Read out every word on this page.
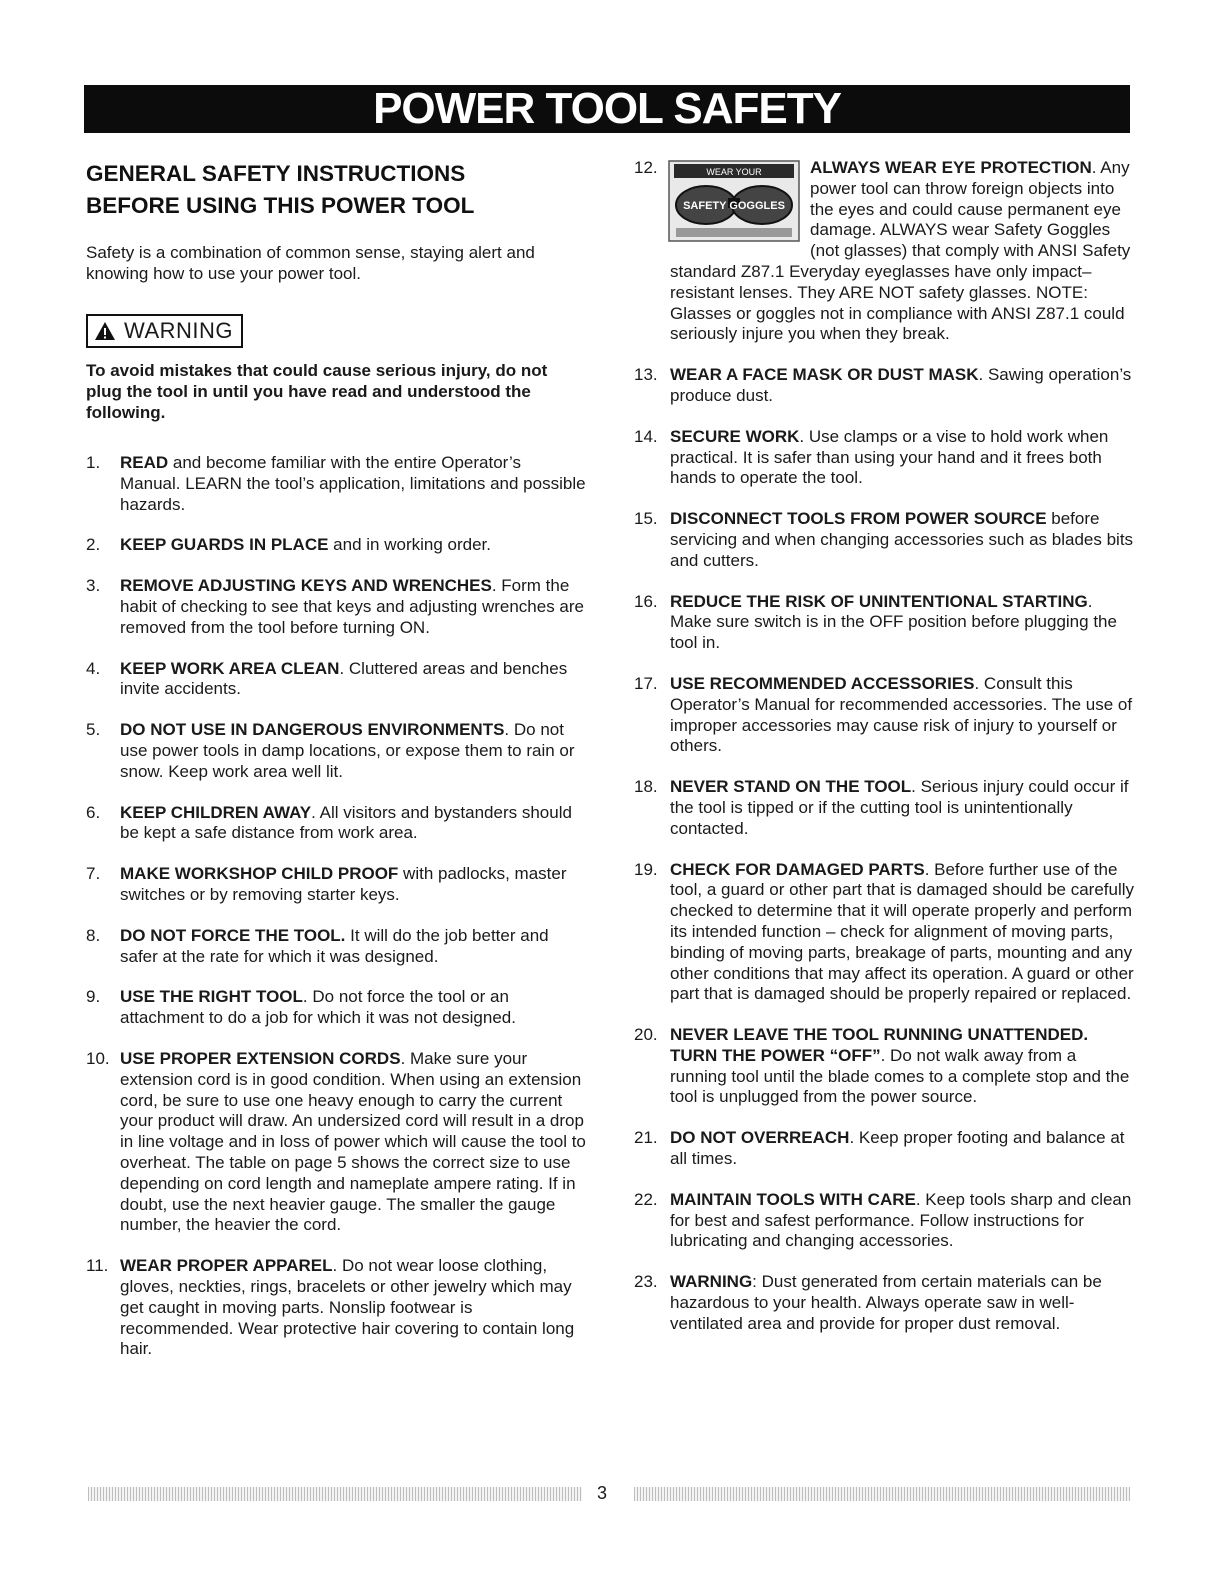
POWER TOOL SAFETY
GENERAL SAFETY INSTRUCTIONS
BEFORE USING THIS POWER TOOL

Safety is a combination of common sense, staying alert and knowing how to use your power tool.

WARNING

To avoid mistakes that could cause serious injury, do not plug the tool in until you have read and understood the following.

1. READ and become familiar with the entire Operator’s Manual. LEARN the tool’s application, limitations and possible hazards.
2. KEEP GUARDS IN PLACE and in working order.
3. REMOVE ADJUSTING KEYS AND WRENCHES. Form the habit of checking to see that keys and adjusting wrenches are removed from the tool before turning ON.
4. KEEP WORK AREA CLEAN. Cluttered areas and benches invite accidents.
5. DO NOT USE IN DANGEROUS ENVIRONMENTS. Do not use power tools in damp locations, or expose them to rain or snow. Keep work area well lit.
6. KEEP CHILDREN AWAY. All visitors and bystanders should be kept a safe distance from work area.
7. MAKE WORKSHOP CHILD PROOF with padlocks, master switches or by removing starter keys.
8. DO NOT FORCE THE TOOL. It will do the job better and safer at the rate for which it was designed.
9. USE THE RIGHT TOOL. Do not force the tool or an attachment to do a job for which it was not designed.
10. USE PROPER EXTENSION CORDS. Make sure your extension cord is in good condition. When using an extension cord, be sure to use one heavy enough to carry the current your product will draw. An undersized cord will result in a drop in line voltage and in loss of power which will cause the tool to overheat. The table on page 5 shows the correct size to use depending on cord length and nameplate ampere rating. If in doubt, use the next heavier gauge. The smaller the gauge number, the heavier the cord.
11. WEAR PROPER APPAREL. Do not wear loose clothing, gloves, neckties, rings, bracelets or other jewelry which may get caught in moving parts. Nonslip footwear is recommended. Wear protective hair covering to contain long hair.
12.	WEAR YOUR
SAFETY GOGGLES
ALWAYS WEAR EYE PROTECTION. Any power tool can throw foreign objects into the eyes and could cause permanent eye damage. ALWAYS wear Safety Goggles (not glasses) that comply with ANSI Safety standard Z87.1 Everyday eyeglasses have only impact–resistant lenses. They ARE NOT safety glasses. NOTE: Glasses or goggles not in compliance with ANSI Z87.1 could seriously injure you when they break.
13. WEAR A FACE MASK OR DUST MASK. Sawing operation’s produce dust.
14. SECURE WORK. Use clamps or a vise to hold work when practical. It is safer than using your hand and it frees both hands to operate the tool.
15. DISCONNECT TOOLS FROM POWER SOURCE before servicing and when changing accessories such as blades bits and cutters.
16. REDUCE THE RISK OF UNINTENTIONAL STARTING. Make sure switch is in the OFF position before plugging the tool in.
17. USE RECOMMENDED ACCESSORIES. Consult this Operator’s Manual for recommended accessories. The use of improper accessories may cause risk of injury to yourself or others.
18. NEVER STAND ON THE TOOL. Serious injury could occur if the tool is tipped or if the cutting tool is unintentionally contacted.
19. CHECK FOR DAMAGED PARTS. Before further use of the tool, a guard or other part that is damaged should be carefully checked to determine that it will operate properly and perform its intended function – check for alignment of moving parts, binding of moving parts, breakage of parts, mounting and any other conditions that may affect its operation. A guard or other part that is damaged should be properly repaired or replaced.
20. NEVER LEAVE THE TOOL RUNNING UNATTENDED. TURN THE POWER “OFF”. Do not walk away from a running tool until the blade comes to a complete stop and the tool is unplugged from the power source.
21. DO NOT OVERREACH. Keep proper footing and balance at all times.
22. MAINTAIN TOOLS WITH CARE. Keep tools sharp and clean for best and safest performance. Follow instructions for lubricating and changing accessories.
23. WARNING: Dust generated from certain materials can be hazardous to your health. Always operate saw in well-ventilated area and provide for proper dust removal.
3
